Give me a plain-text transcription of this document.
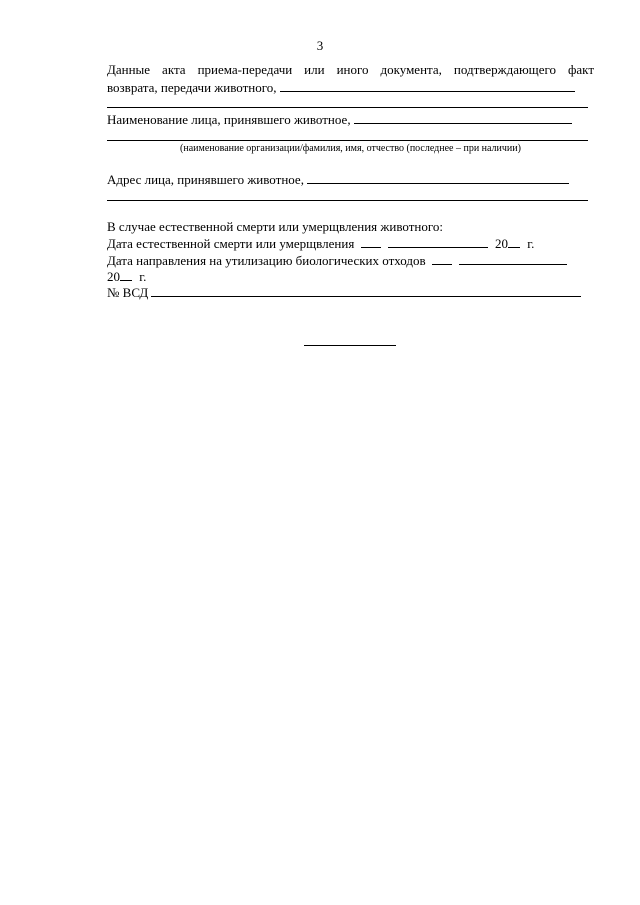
3
Данные акта приема-передачи или иного документа, подтверждающего факт
возврата, передачи животного,
Наименование лица, принявшего животное,
(наименование организации/фамилия, имя, отчество (последнее – при наличии)
Адрес лица, принявшего животное,
В случае естественной смерти или умерщвления животного:
Дата естественной смерти или умерщвления	20 г.
Дата направления на утилизацию биологических отходов
20 г.
№ ВСД
